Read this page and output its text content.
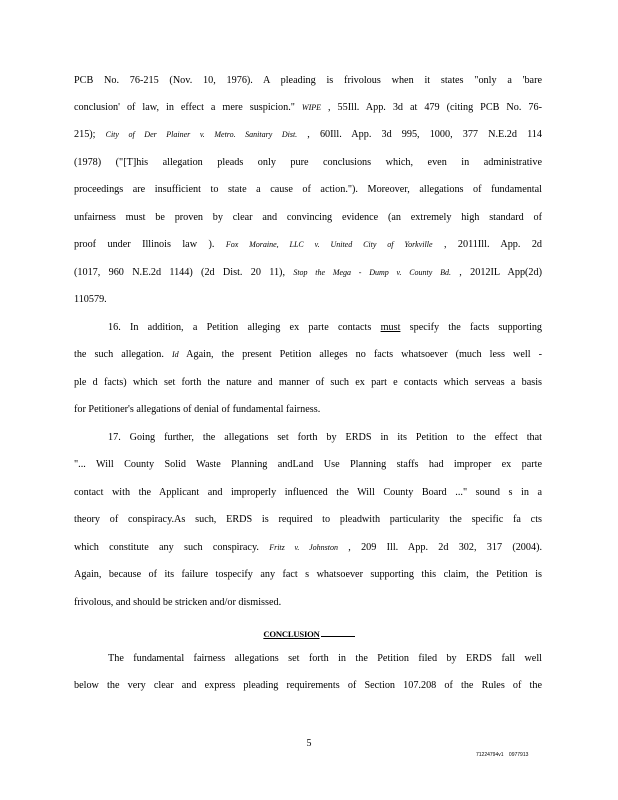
PCB No. 76-215 (Nov. 10, 1976). A pleading is frivolous when it states "only a 'bare
conclusion' of law, in effect a mere suspicion." WIPE , 55Ill. App. 3d at 479 (citing PCB No. 76-
215); City of Der Plainer v. Metro. Sanitary Dist. , 60Ill. App. 3d 995, 1000, 377 N.E.2d 114
(1978) ("[T]his allegation pleads only pure conclusions which, even in administrative
proceedings are insufficient to state a cause of action."). Moreover, allegations of fundamental
unfairness must be proven by clear and convincing evidence (an extremely high standard of
proof under Illinois law ). Fox Moraine, LLC v. United City of Yorkville , 2011Ill. App. 2d
(1017, 960 N.E.2d 1144) (2d Dist. 20 11), Stop the Mega - Dump v. County Bd. , 2012IL App(2d)
110579.
16. In addition, a Petition alleging ex parte contacts must specify the facts supporting
the such allegation. Id Again, the present Petition alleges no facts whatsoever (much less well -
ple d facts) which set forth the nature and manner of such ex part e contacts which serveas a basis
for Petitioner's allegations of denial of fundamental fairness.
17. Going further, the allegations set forth by ERDS in its Petition to the effect that
"... Will County Solid Waste Planning andLand Use Planning staffs had improper ex parte
contact with the Applicant and improperly influenced the Will County Board ..." sound s in a
theory of conspiracy.As such, ERDS is required to pleadwith particularity the specific fa cts
which constitute any such conspiracy. Fritz v. Johnston , 209 Ill. App. 2d 302, 317 (2004).
Again, because of its failure tospecify any fact s whatsoever supporting this claim, the Petition is
frivolous, and should be stricken and/or dismissed.
CONCLUSION
The fundamental fairness allegations set forth in the Petition filed by ERDS fall well
below the very clear and express pleading requirements of Section 107.208 of the Rules of the
5
71224794v1 0977913
